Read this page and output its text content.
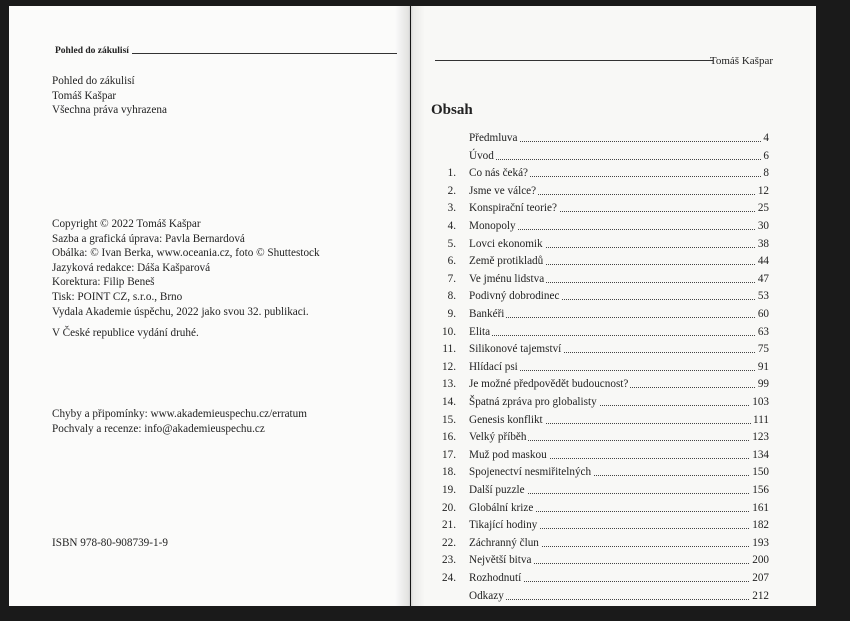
Pohled do zákulisí
Pohled do zákulisí
Tomáš Kašpar
Všechna práva vyhrazena
Copyright © 2022 Tomáš Kašpar
Sazba a grafická úprava: Pavla Bernardová
Obálka: © Ivan Berka, www.oceania.cz, foto © Shuttestock
Jazyková redakce: Dáša Kašparová
Korektura: Filip Beneš
Tisk: POINT CZ, s.r.o., Brno
Vydala Akademie úspěchu, 2022 jako svou 32. publikaci.
V České republice vydání druhé.
Chyby a připomínky: www.akademieuspechu.cz/erratum
Pochvaly a recenze: info@akademieuspechu.cz
ISBN 978-80-908739-1-9
Tomáš Kašpar
Obsah
Předmluva	4
Úvod	6
1. Co nás čeká?	8
2. Jsme ve válce?	12
3. Konspirační teorie?	25
4. Monopoly	30
5. Lovci ekonomik	38
6. Země protikladů	44
7. Ve jménu lidstva	47
8. Podivný dobrodinec	53
9. Bankéři	60
10. Elita	63
11. Silikonové tajemství	75
12. Hlídací psi	91
13. Je možné předpovědět budoucnost?	99
14. Špatná zpráva pro globalisty	103
15. Genesis konflikt	111
16. Velký příběh	123
17. Muž pod maskou	134
18. Spojenectví nesmiřitelných	150
19. Další puzzle	156
20. Globální krize	161
21. Tikající hodiny	182
22. Záchranný člun	193
23. Největší bitva	200
24. Rozhodnutí	207
Odkazy	212
